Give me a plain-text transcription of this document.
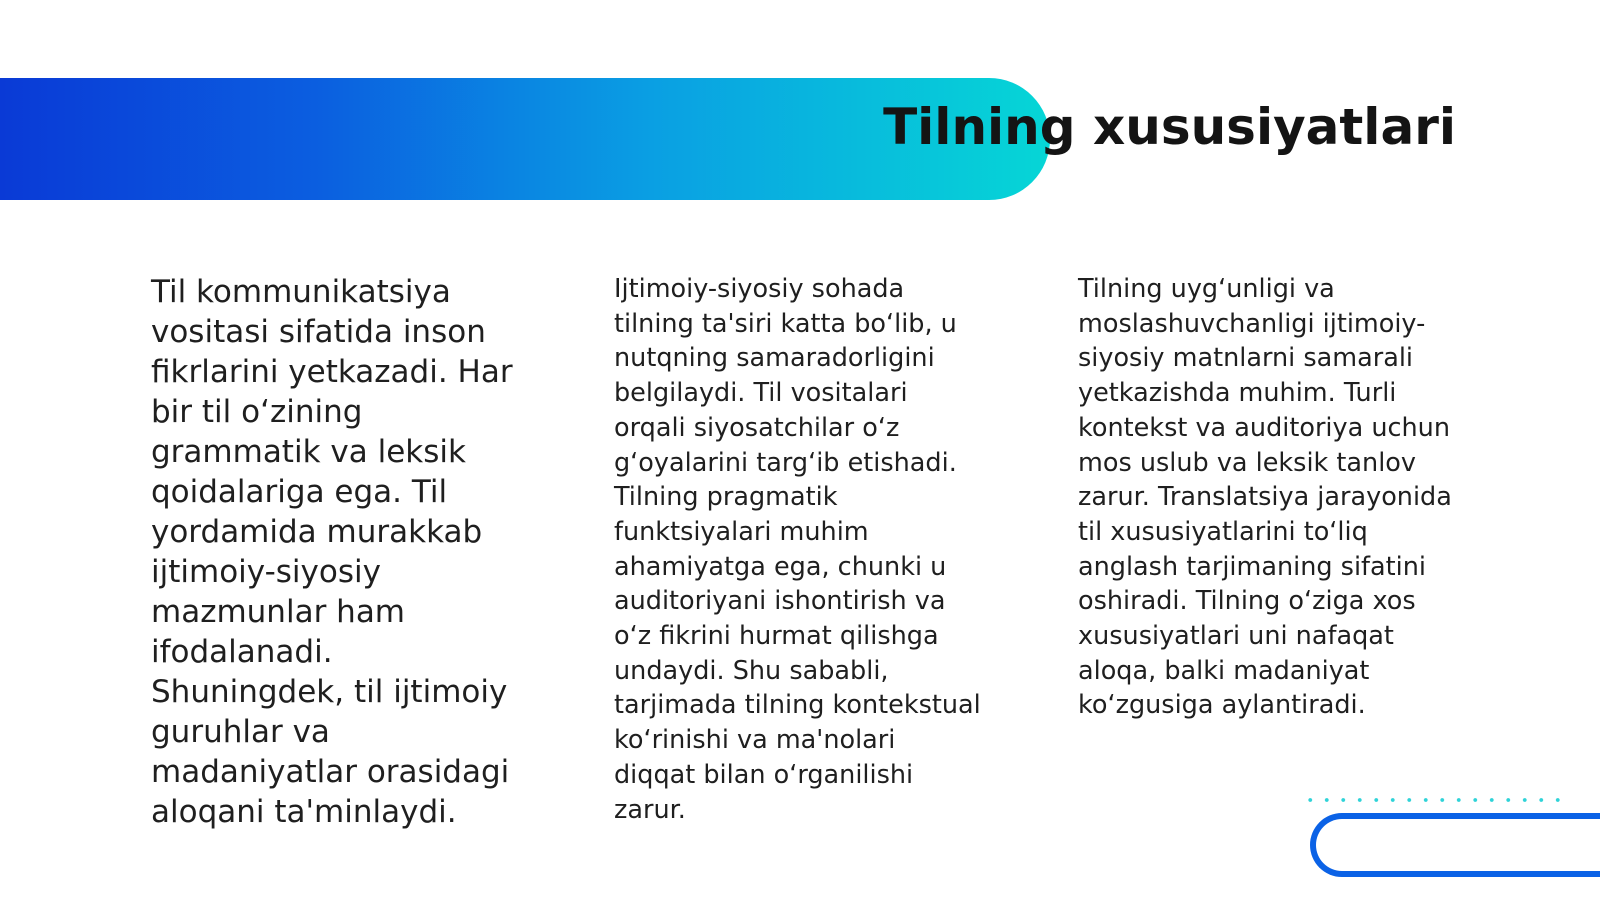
Tilning xususiyatlari

Til kommunikatsiya vositasi sifatida inson fikrlarini yetkazadi. Har bir til o‘zining grammatik va leksik qoidalariga ega. Til yordamida murakkab ijtimoiy-siyosiy mazmunlar ham ifodalanadi. Shuningdek, til ijtimoiy guruhlar va madaniyatlar orasidagi aloqani ta'minlaydi.

Ijtimoiy-siyosiy sohada tilning ta'siri katta bo‘lib, u nutqning samaradorligini belgilaydi. Til vositalari orqali siyosatchilar o‘z g‘oyalarini targ‘ib etishadi. Tilning pragmatik funktsiyalari muhim ahamiyatga ega, chunki u auditoriyani ishontirish va o‘z fikrini hurmat qilishga undaydi. Shu sababli, tarjimada tilning kontekstual ko‘rinishi va ma'nolari diqqat bilan o‘rganilishi zarur.

Tilning uyg‘unligi va moslashuvchanligi ijtimoiy-siyosiy matnlarni samarali yetkazishda muhim. Turli kontekst va auditoriya uchun mos uslub va leksik tanlov zarur. Translatsiya jarayonida til xususiyatlarini to‘liq anglash tarjimaning sifatini oshiradi. Tilning o‘ziga xos xususiyatlari uni nafaqat aloqa, balki madaniyat ko‘zgusiga aylantiradi.
